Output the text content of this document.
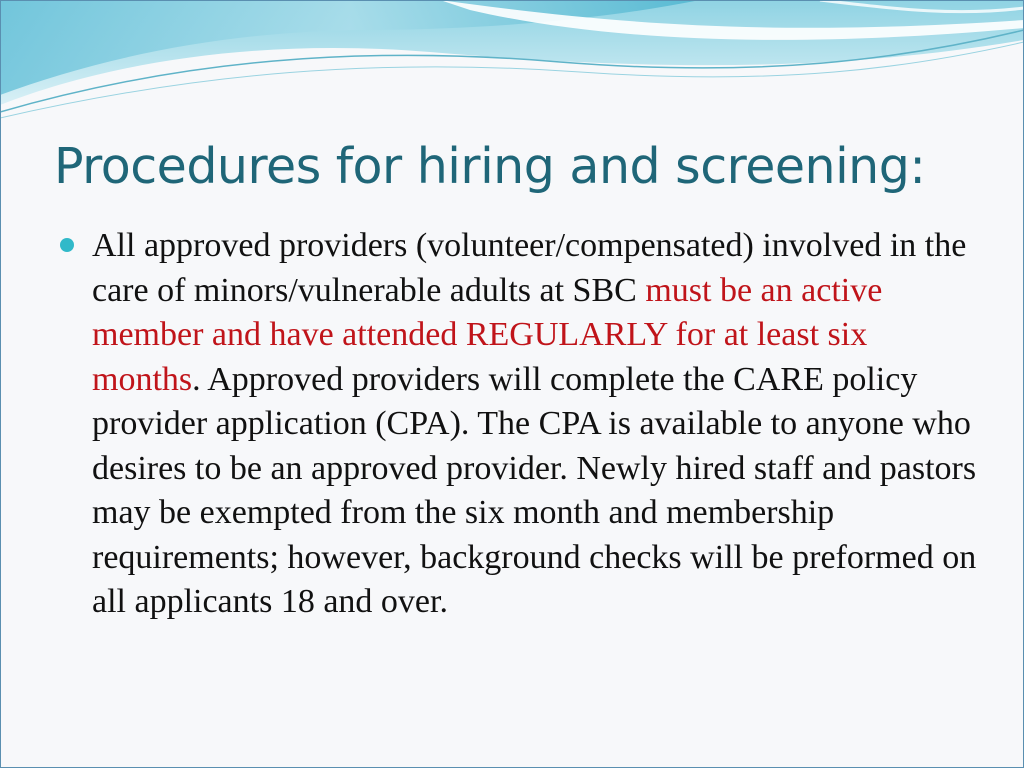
Procedures for hiring and screening:
All approved providers (volunteer/compensated) involved in the care of minors/vulnerable adults at SBC must be an active member and have attended REGULARLY for at least six months. Approved providers will complete the CARE policy provider application (CPA). The CPA is available to anyone who desires to be an approved provider. Newly hired staff and pastors may be exempted from the six month and membership requirements; however, background checks will be preformed on all applicants 18 and over.
